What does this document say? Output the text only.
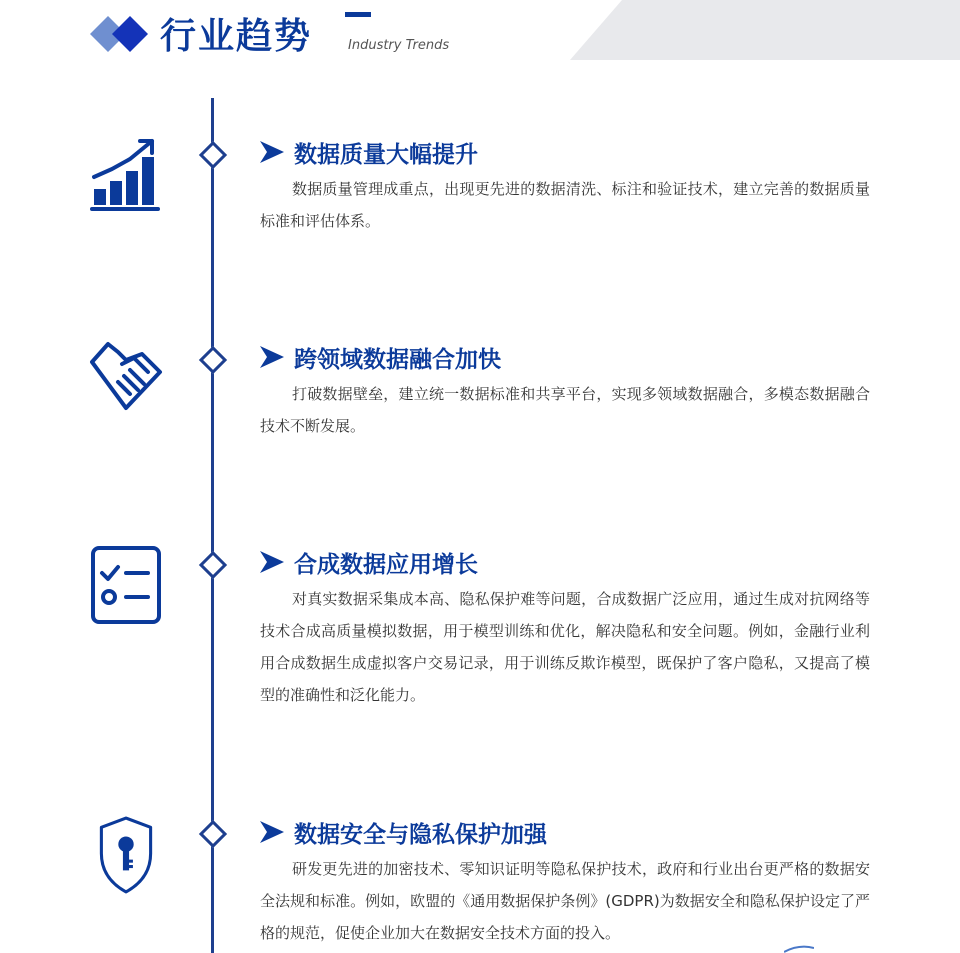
行业趋势	Industry Trends
数据质量大幅提升
数据质量管理成重点，出现更先进的数据清洗、标注和验证技术，建立完善的数据质量标准和评估体系。
跨领域数据融合加快
打破数据壁垒，建立统一数据标准和共享平台，实现多领域数据融合，多模态数据融合技术不断发展。
合成数据应用增长
对真实数据采集成本高、隐私保护难等问题，合成数据广泛应用，通过生成对抗网络等技术合成高质量模拟数据，用于模型训练和优化，解决隐私和安全问题。例如，金融行业利用合成数据生成虚拟客户交易记录，用于训练反欺诈模型，既保护了客户隐私，又提高了模型的准确性和泛化能力。
数据安全与隐私保护加强
研发更先进的加密技术、零知识证明等隐私保护技术，政府和行业出台更严格的数据安全法规和标准。例如，欧盟的《通用数据保护条例》(GDPR)为数据安全和隐私保护设定了严格的规范，促使企业加大在数据安全技术方面的投入。
